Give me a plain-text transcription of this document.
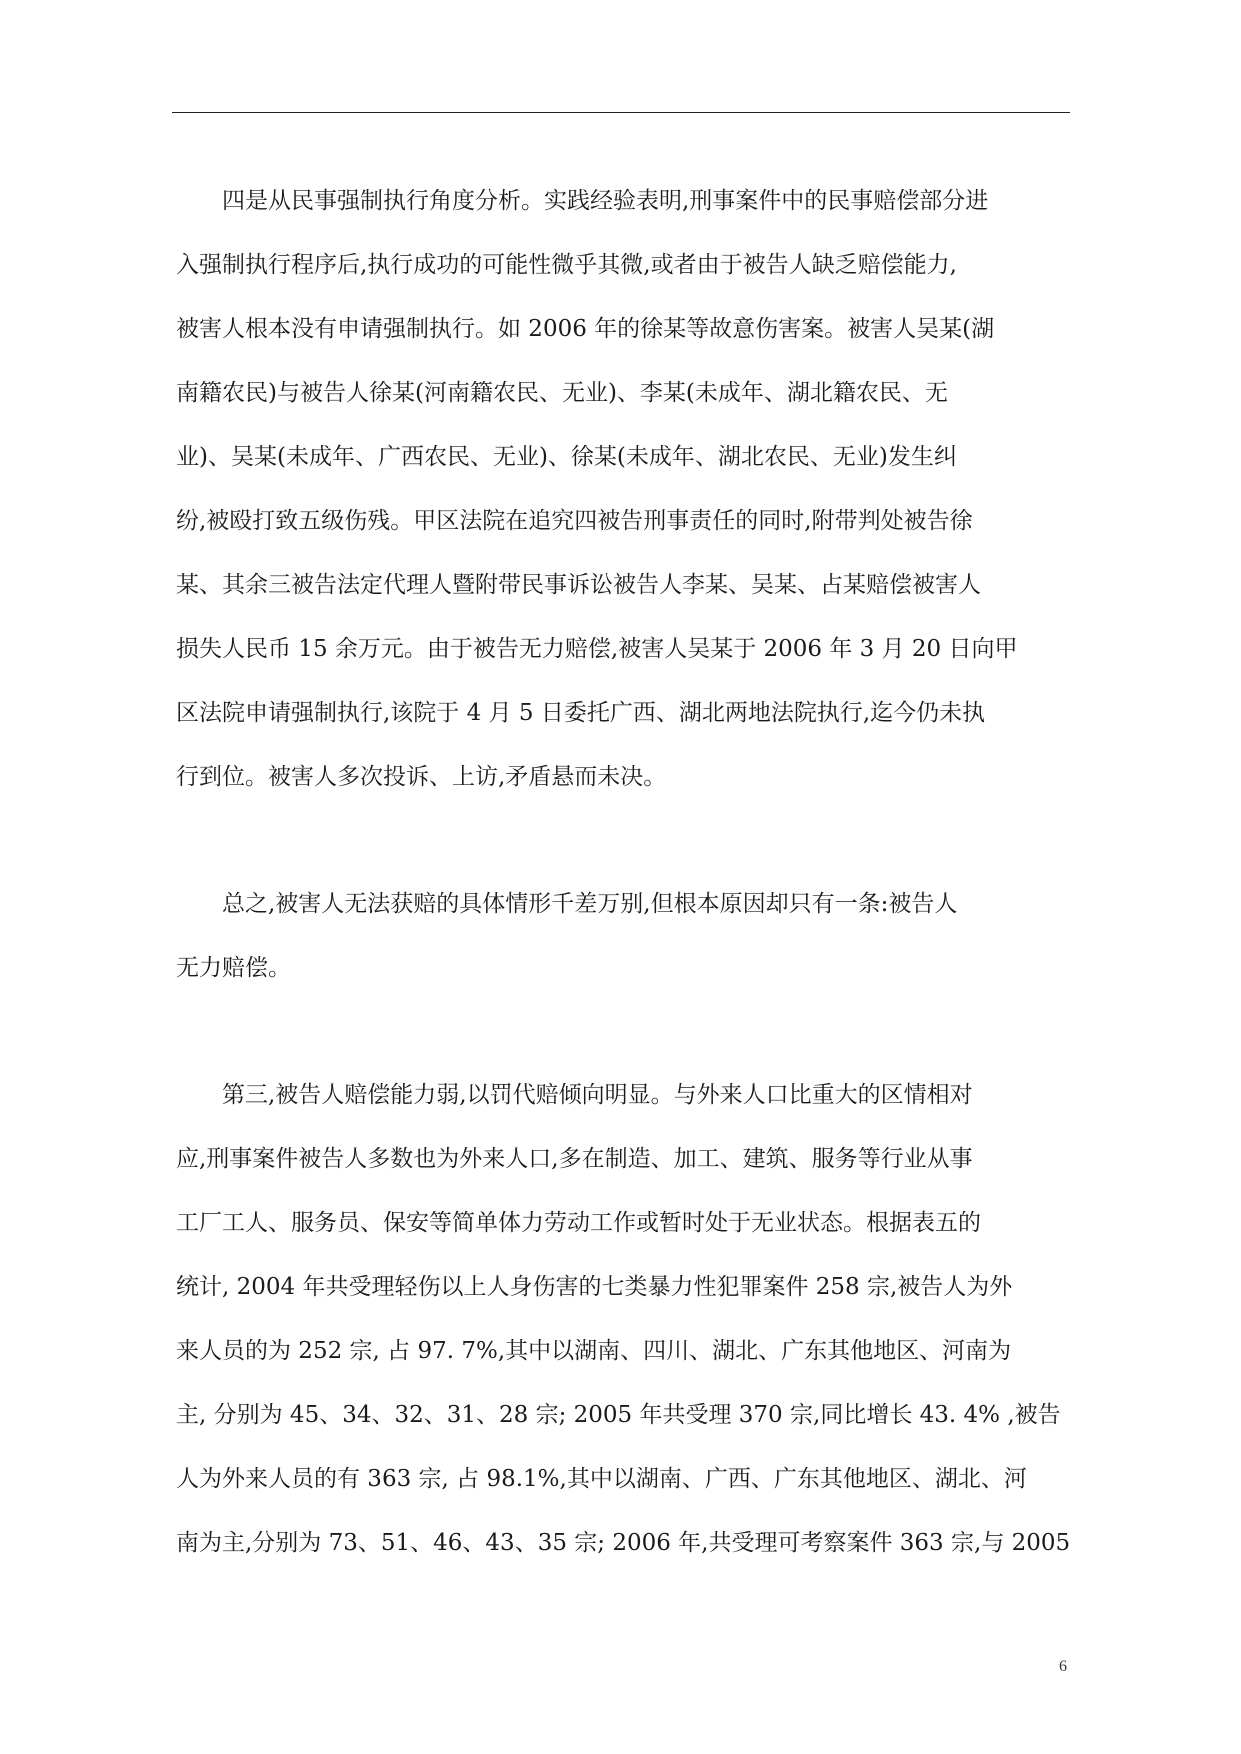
　　四是从民事强制执行角度分析。实践经验表明,刑事案件中的民事赔偿部分进
入强制执行程序后,执行成功的可能性微乎其微,或者由于被告人缺乏赔偿能力,
被害人根本没有申请强制执行。如 2006 年的徐某等故意伤害案。被害人吴某(湖
南籍农民)与被告人徐某(河南籍农民、无业)、李某(未成年、湖北籍农民、无
业)、吴某(未成年、广西农民、无业)、徐某(未成年、湖北农民、无业)发生纠
纷,被殴打致五级伤残。甲区法院在追究四被告刑事责任的同时,附带判处被告徐
某、其余三被告法定代理人暨附带民事诉讼被告人李某、吴某、占某赔偿被害人
损失人民币 15 余万元。由于被告无力赔偿,被害人吴某于 2006 年 3 月 20 日向甲
区法院申请强制执行,该院于 4 月 5 日委托广西、湖北两地法院执行,迄今仍未执
行到位。被害人多次投诉、上访,矛盾悬而未决。
　　总之,被害人无法获赔的具体情形千差万别,但根本原因却只有一条:被告人
无力赔偿。
　　第三,被告人赔偿能力弱,以罚代赔倾向明显。与外来人口比重大的区情相对
应,刑事案件被告人多数也为外来人口,多在制造、加工、建筑、服务等行业从事
工厂工人、服务员、保安等简单体力劳动工作或暂时处于无业状态。根据表五的
统计, 2004 年共受理轻伤以上人身伤害的七类暴力性犯罪案件 258 宗,被告人为外
来人员的为 252 宗, 占 97. 7%,其中以湖南、四川、湖北、广东其他地区、河南为
主, 分别为 45、34、32、31、28 宗; 2005 年共受理 370 宗,同比增长 43. 4% ,被告
人为外来人员的有 363 宗, 占 98.1%,其中以湖南、广西、广东其他地区、湖北、河
南为主,分别为 73、51、46、43、35 宗; 2006 年,共受理可考察案件 363 宗,与 2005
6
